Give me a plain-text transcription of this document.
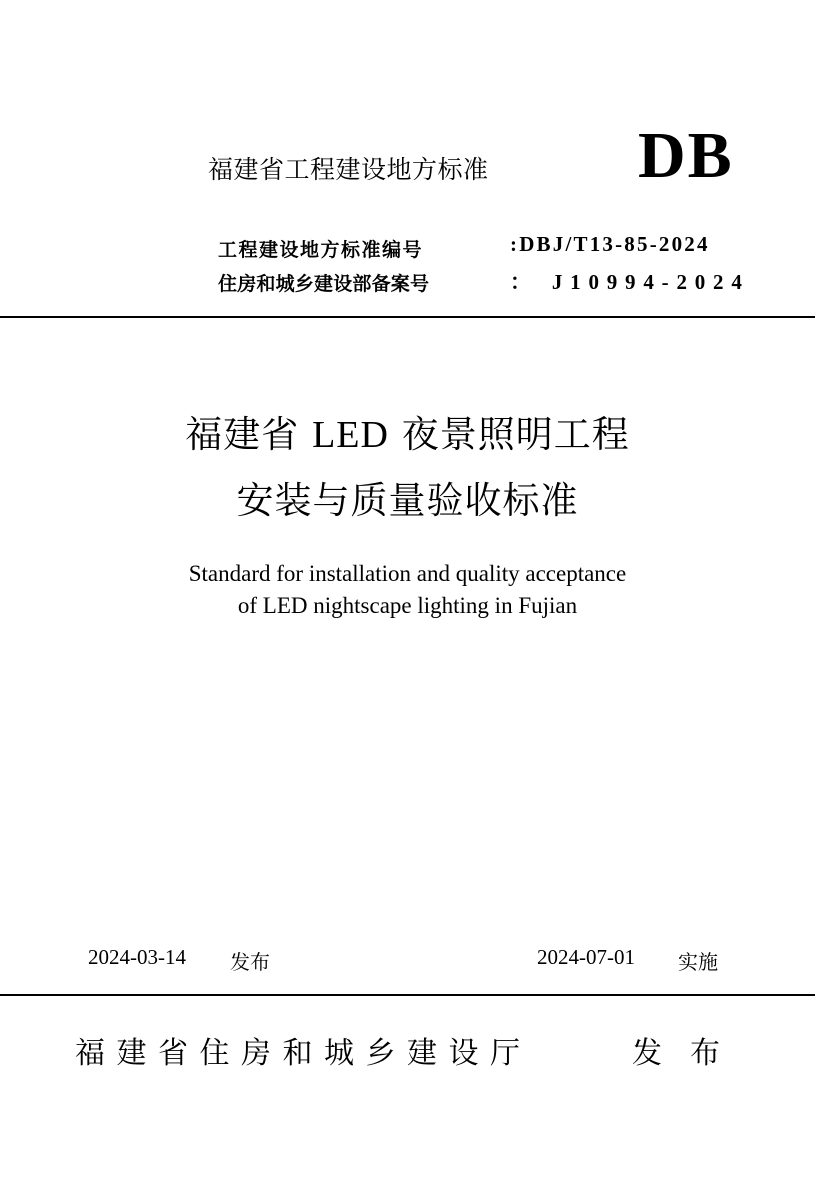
福建省工程建设地方标准 DB
工程建设地方标准编号	:DBJ/T13-85-2024
住房和城乡建设部备案号	： J10994-2024
福建省 LED 夜景照明工程
安装与质量验收标准
Standard for installation and quality acceptance
of LED nightscape lighting in Fujian
2024-03-14 发布	2024-07-01 实施
福建省住房和城乡建设厅	发布
